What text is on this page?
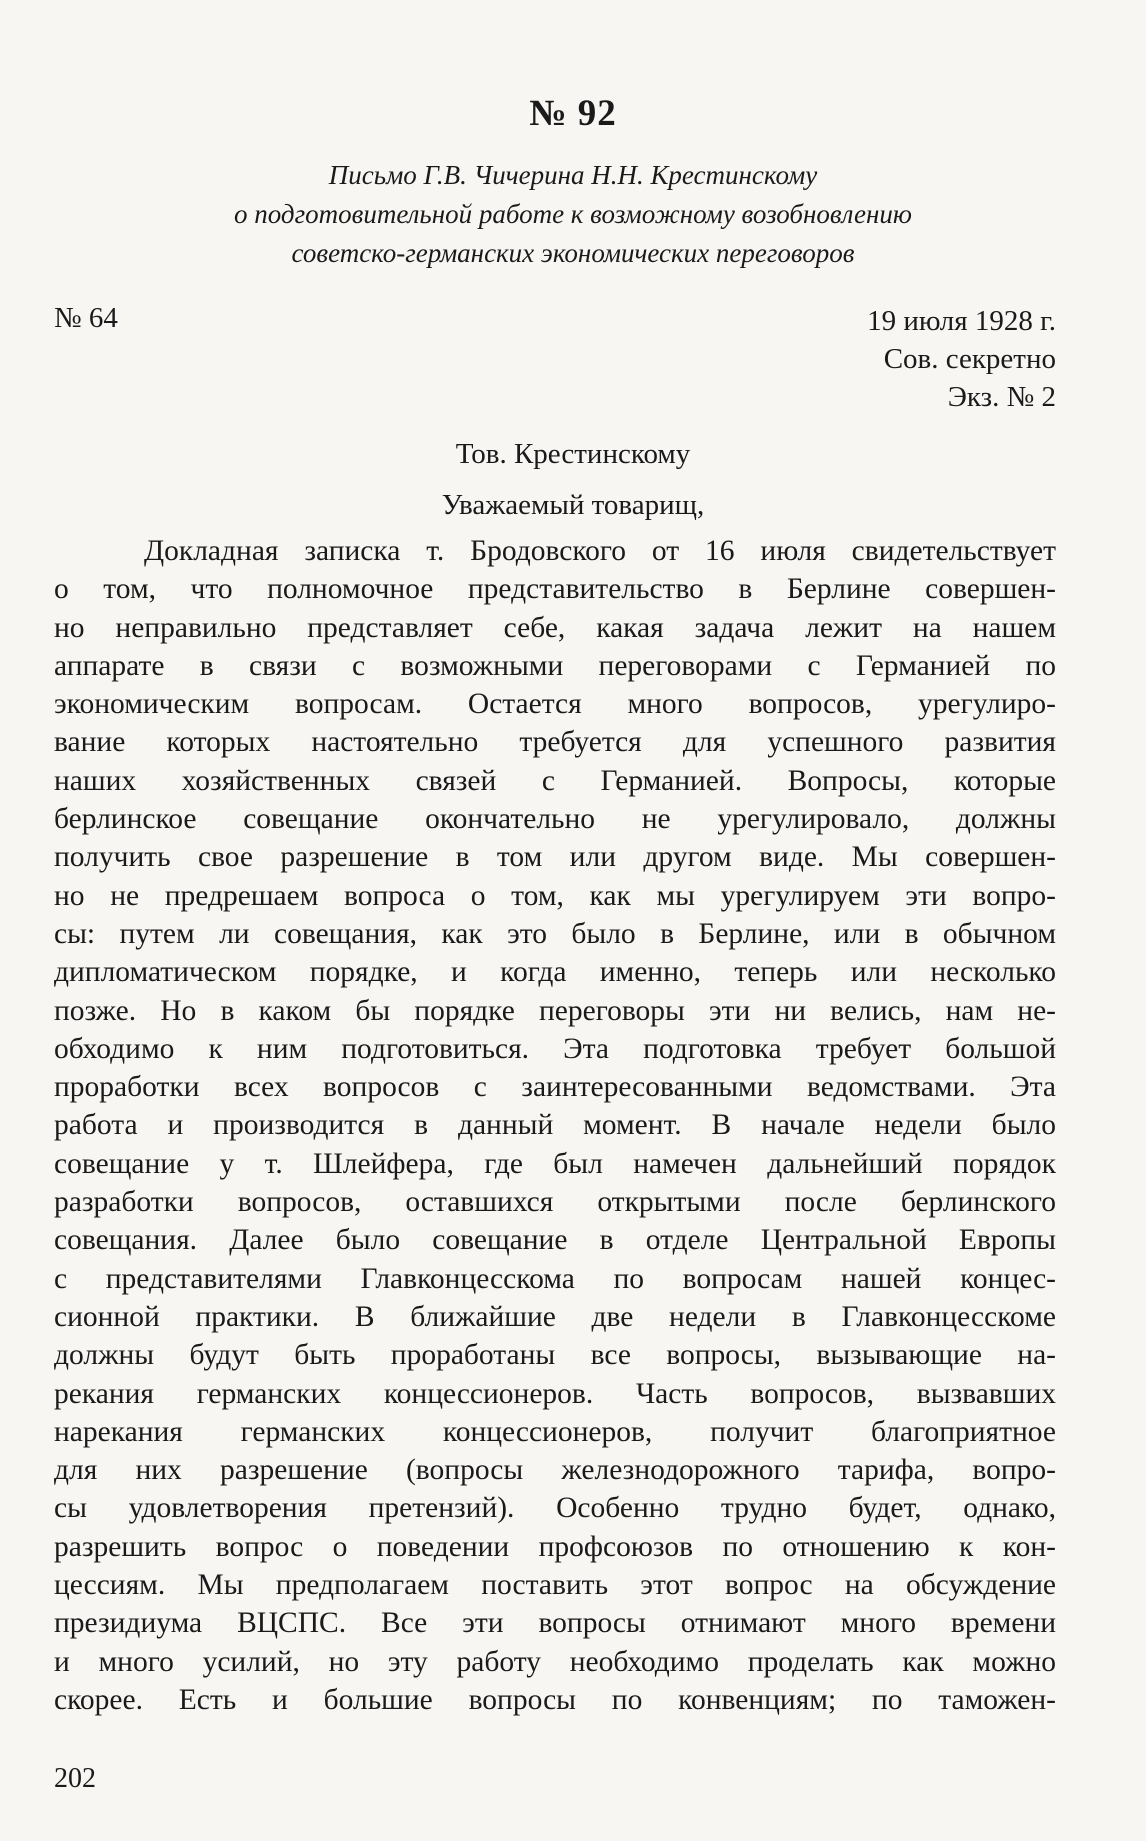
№ 92
Письмо Г.В. Чичерина Н.Н. Крестинскому
о подготовительной работе к возможному возобновлению
советско-германских экономических переговоров
№ 64	19 июля 1928 г.
Сов. секретно
Экз. № 2
Тов. Крестинскому
Уважаемый товарищ,
Докладная записка т. Бродовского от 16 июля свидетельствует
о том, что полномочное представительство в Берлине совершен-
но неправильно представляет себе, какая задача лежит на нашем
аппарате в связи с возможными переговорами с Германией по
экономическим вопросам. Остается много вопросов, урегулиро-
вание которых настоятельно требуется для успешного развития
наших хозяйственных связей с Германией. Вопросы, которые
берлинское совещание окончательно не урегулировало, должны
получить свое разрешение в том или другом виде. Мы совершен-
но не предрешаем вопроса о том, как мы урегулируем эти вопро-
сы: путем ли совещания, как это было в Берлине, или в обычном
дипломатическом порядке, и когда именно, теперь или несколько
позже. Но в каком бы порядке переговоры эти ни велись, нам не-
обходимо к ним подготовиться. Эта подготовка требует большой
проработки всех вопросов с заинтересованными ведомствами. Эта
работа и производится в данный момент. В начале недели было
совещание у т. Шлейфера, где был намечен дальнейший порядок
разработки вопросов, оставшихся открытыми после берлинского
совещания. Далее было совещание в отделе Центральной Европы
с представителями Главконцесскома по вопросам нашей концес-
сионной практики. В ближайшие две недели в Главконцесскоме
должны будут быть проработаны все вопросы, вызывающие на-
рекания германских концессионеров. Часть вопросов, вызвавших
нарекания германских концессионеров, получит благоприятное
для них разрешение (вопросы железнодорожного тарифа, вопро-
сы удовлетворения претензий). Особенно трудно будет, однако,
разрешить вопрос о поведении профсоюзов по отношению к кон-
цессиям. Мы предполагаем поставить этот вопрос на обсуждение
президиума ВЦСПС. Все эти вопросы отнимают много времени
и много усилий, но эту работу необходимо проделать как можно
скорее. Есть и большие вопросы по конвенциям; по таможен-
202
